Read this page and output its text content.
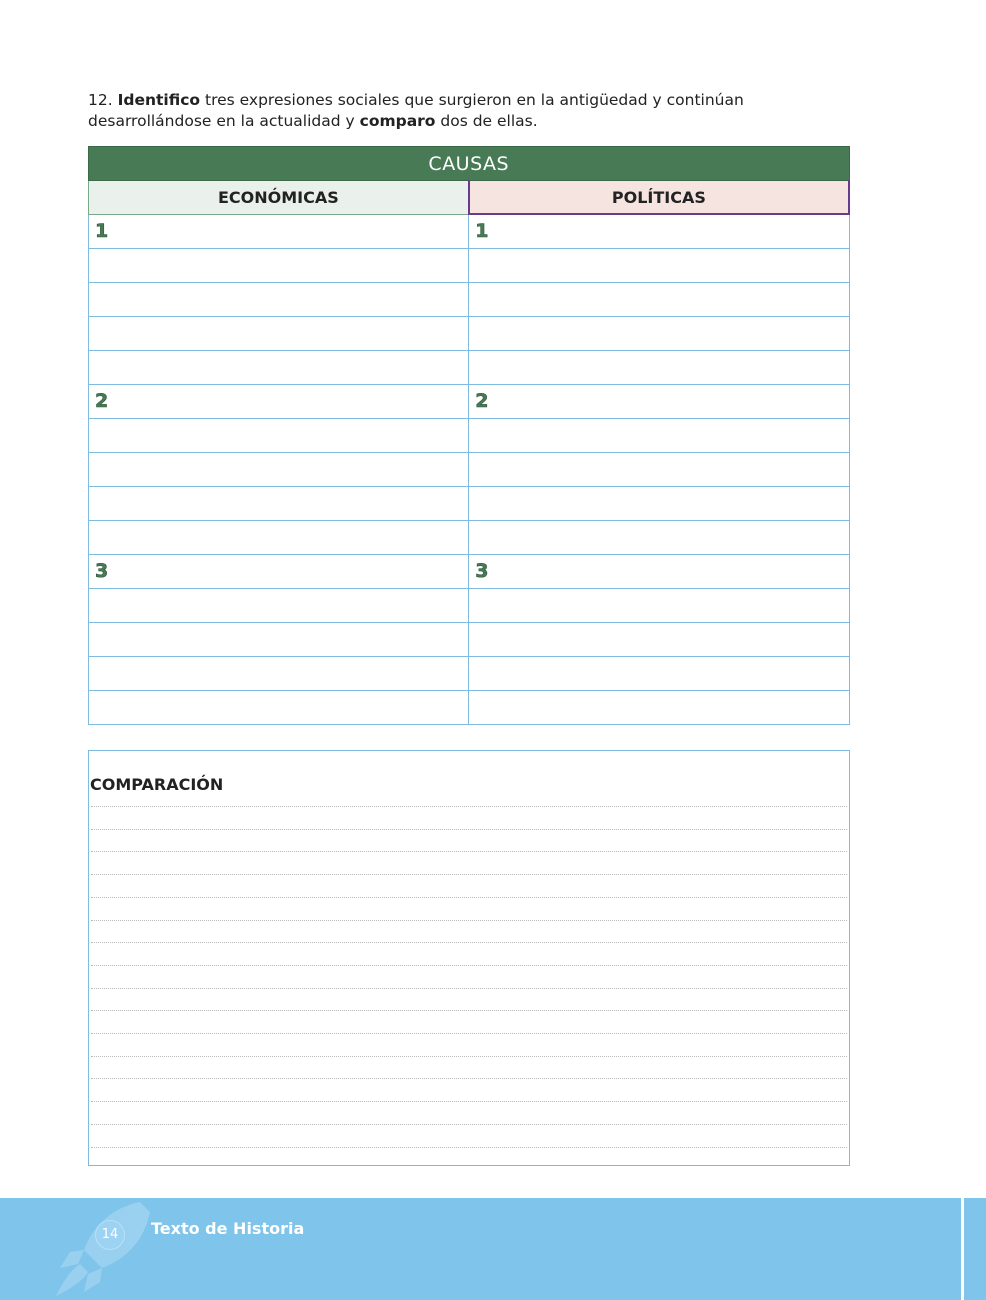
12. Identifico tres expresiones sociales que surgieron en la antigüedad y continúan desarrollándose en la actualidad y comparo dos de ellas.
CAUSAS	
ECONÓMICAS	POLÍTICAS
1	1

2	2

3	3

COMPARACIÓN
14	Texto de Historia
